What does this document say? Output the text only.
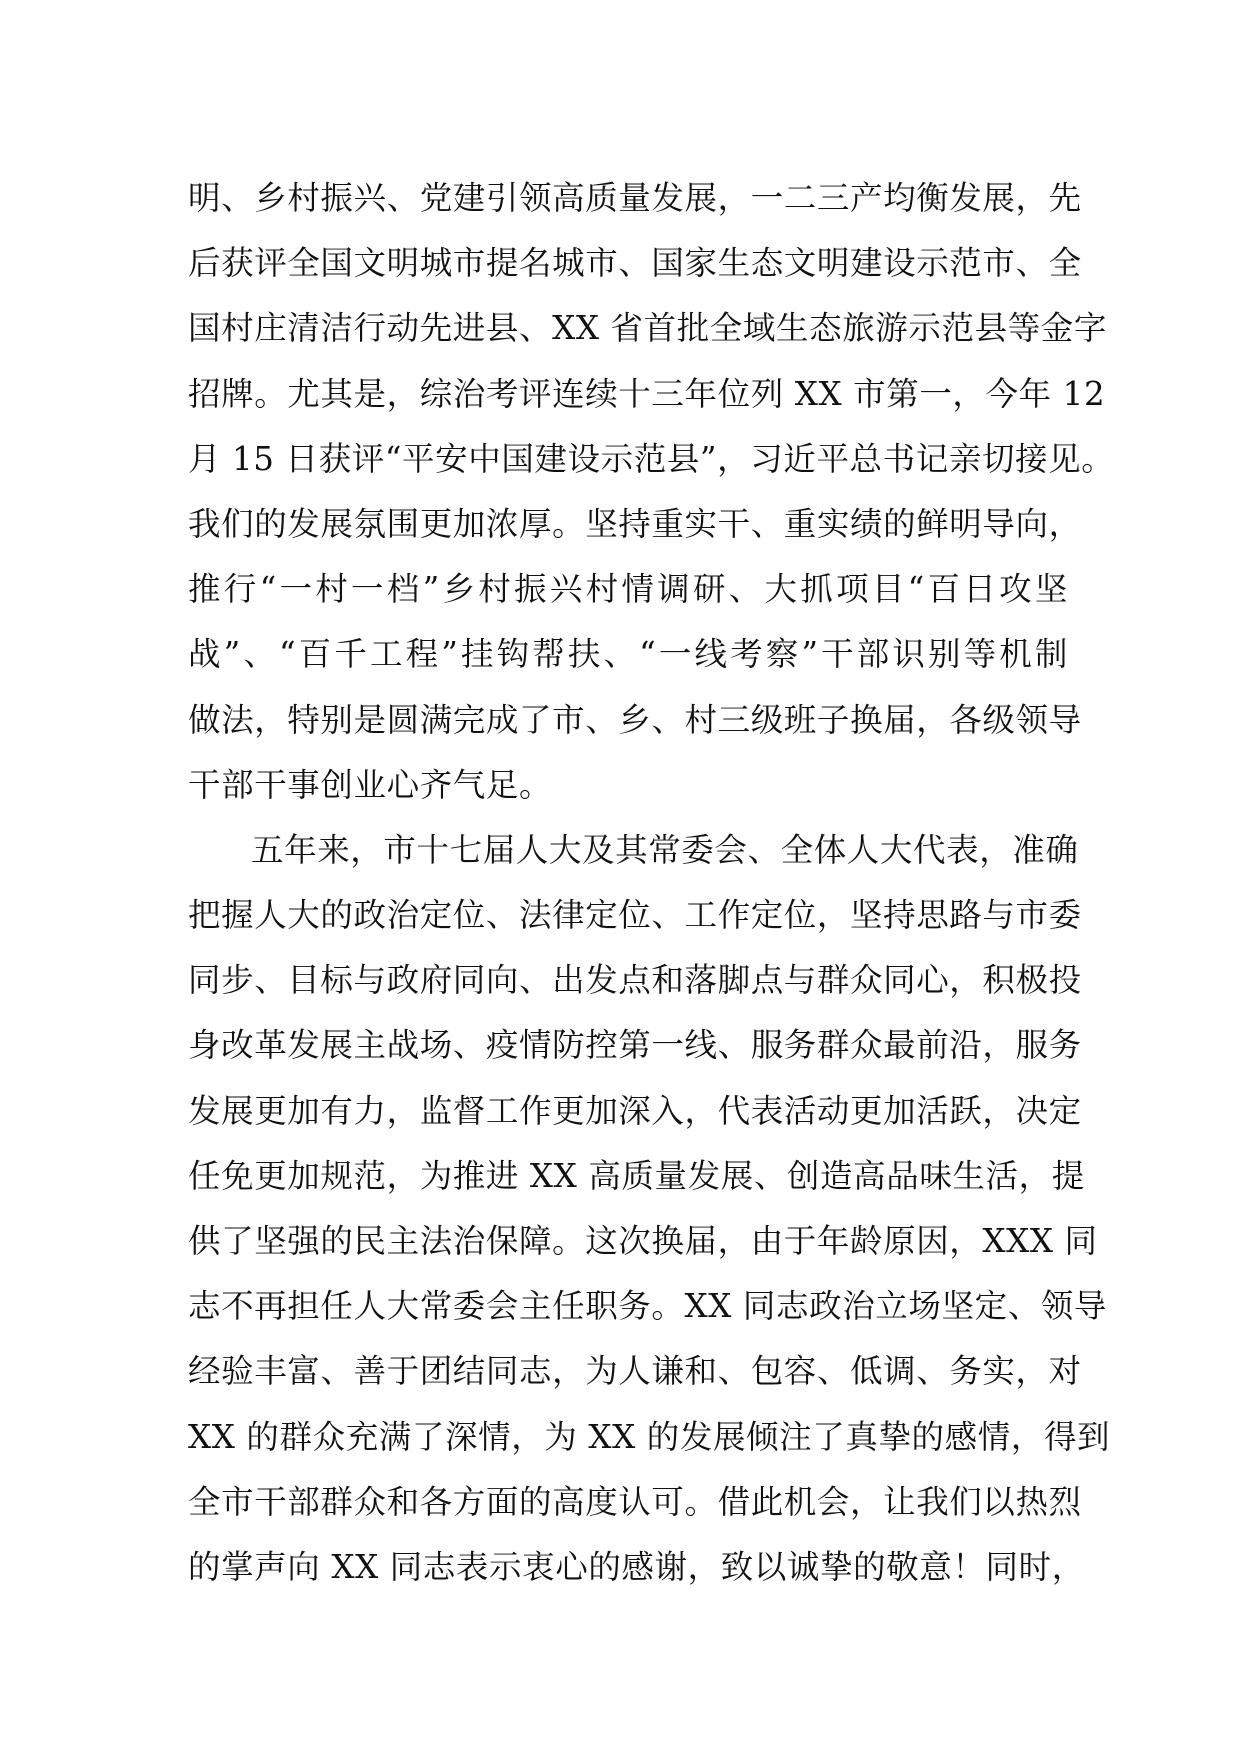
明、乡村振兴、党建引领高质量发展，一二三产均衡发展，先
后获评全国文明城市提名城市、国家生态文明建设示范市、全
国村庄清洁行动先进县、XX 省首批全域生态旅游示范县等金字
招牌。尤其是，综治考评连续十三年位列 XX 市第一，今年 12
月 15 日获评“平安中国建设示范县”，习近平总书记亲切接见。
我们的发展氛围更加浓厚。坚持重实干、重实绩的鲜明导向，
推行“一村一档”乡村振兴村情调研、大抓项目“百日攻坚
战”、“百千工程”挂钩帮扶、“一线考察”干部识别等机制
做法，特别是圆满完成了市、乡、村三级班子换届，各级领导
干部干事创业心齐气足。
五年来，市十七届人大及其常委会、全体人大代表，准确
把握人大的政治定位、法律定位、工作定位，坚持思路与市委
同步、目标与政府同向、出发点和落脚点与群众同心，积极投
身改革发展主战场、疫情防控第一线、服务群众最前沿，服务
发展更加有力，监督工作更加深入，代表活动更加活跃，决定
任免更加规范，为推进 XX 高质量发展、创造高品味生活，提
供了坚强的民主法治保障。这次换届，由于年龄原因，XXX 同
志不再担任人大常委会主任职务。XX 同志政治立场坚定、领导
经验丰富、善于团结同志，为人谦和、包容、低调、务实，对
XX 的群众充满了深情，为 XX 的发展倾注了真挚的感情，得到
全市干部群众和各方面的高度认可。借此机会，让我们以热烈
的掌声向 XX 同志表示衷心的感谢，致以诚挚的敬意！同时，
